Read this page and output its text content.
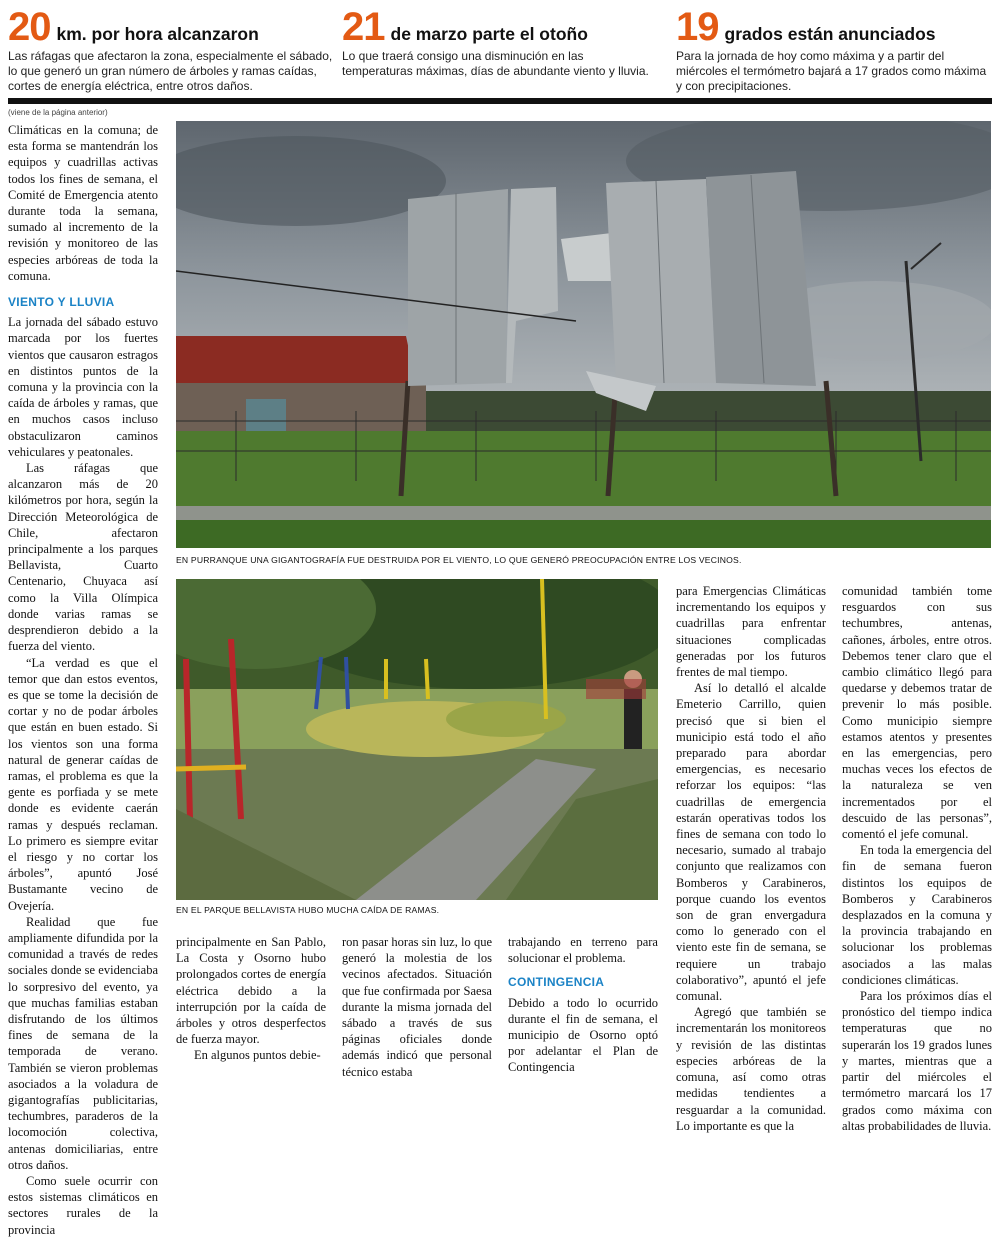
20 km. por hora alcanzaron
Las ráfagas que afectaron la zona, especialmente el sábado, lo que generó un gran número de árboles y ramas caídas, cortes de energía eléctrica, entre otros daños.
21 de marzo parte el otoño
Lo que traerá consigo una disminución en las temperaturas máximas, días de abundante viento y lluvia.
19 grados están anunciados
Para la jornada de hoy como máxima y a partir del miércoles el termómetro bajará a 17 grados como máxima y con precipitaciones.
(viene de la página anterior)

Climáticas en la comuna; de esta forma se mantendrán los equipos y cuadrillas activas todos los fines de semana, el Comité de Emergencia atento durante toda la semana, sumado al incremento de la revisión y monitoreo de las especies arbóreas de toda la comuna.

VIENTO Y LLUVIA

La jornada del sábado estuvo marcada por los fuertes vientos que causaron estragos en distintos puntos de la comuna y la provincia con la caída de árboles y ramas, que en muchos casos incluso obstaculizaron caminos vehiculares y peatonales.

Las ráfagas que alcanzaron más de 20 kilómetros por hora, según la Dirección Meteorológica de Chile, afectaron principalmente a los parques Bellavista, Cuarto Centenario, Chuyaca así como la Villa Olímpica donde varias ramas se desprendieron debido a la fuerza del viento.

“La verdad es que el temor que dan estos eventos, es que se tome la decisión de cortar y no de podar árboles que están en buen estado. Si los vientos son una forma natural de generar caídas de ramas, el problema es que la gente es porfiada y se mete donde es evidente caerán ramas y después reclaman. Lo primero es siempre evitar el riesgo y no cortar los árboles”, apuntó José Bustamante vecino de Ovejería.

Realidad que fue ampliamente difundida por la comunidad a través de redes sociales donde se evidenciaba lo sorpresivo del evento, ya que muchas familias estaban disfrutando de los últimos fines de semana de la temporada de verano. También se vieron problemas asociados a la voladura de gigantografías publicitarias, techumbres, paraderos de la locomoción colectiva, antenas domiciliarias, entre otros daños.

Como suele ocurrir con estos sistemas climáticos en sectores rurales de la provincia

EN PURRANQUE UNA GIGANTOGRAFÍA FUE DESTRUIDA POR EL VIENTO, LO QUE GENERÓ PREOCUPACIÓN ENTRE LOS VECINOS.
EN EL PARQUE BELLAVISTA HUBO MUCHA CAÍDA DE RAMAS.

principalmente en San Pablo, La Costa y Osorno hubo prolongados cortes de energía eléctrica debido a la interrupción por la caída de árboles y otros desperfectos de fuerza mayor.

En algunos puntos debie-

ron pasar horas sin luz, lo que generó la molestia de los vecinos afectados. Situación que fue confirmada por Saesa durante la misma jornada del sábado a través de sus páginas oficiales donde además indicó que personal técnico estaba

trabajando en terreno para solucionar el problema.

CONTINGENCIA

Debido a todo lo ocurrido durante el fin de semana, el municipio de Osorno optó por adelantar el Plan de Contingencia

para Emergencias Climáticas incrementando los equipos y cuadrillas para enfrentar situaciones complicadas generadas por los futuros frentes de mal tiempo.

Así lo detalló el alcalde Emeterio Carrillo, quien precisó que si bien el municipio está todo el año preparado para abordar emergencias, es necesario reforzar los equipos: “las cuadrillas de emergencia estarán operativas todos los fines de semana con todo lo necesario, sumado al trabajo conjunto que realizamos con Bomberos y Carabineros, porque cuando los eventos son de gran envergadura como lo generado con el viento este fin de semana, se requiere un trabajo colaborativo”, apuntó el jefe comunal.

Agregó que también se incrementarán los monitoreos y revisión de las distintas especies arbóreas de la comuna, así como otras medidas tendientes a resguardar a la comunidad. Lo importante es que la

comunidad también tome resguardos con sus techumbres, antenas, cañones, árboles, entre otros. Debemos tener claro que el cambio climático llegó para quedarse y debemos tratar de prevenir lo más posible. Como municipio siempre estamos atentos y presentes en las emergencias, pero muchas veces los efectos de la naturaleza se ven incrementados por el descuido de las personas”, comentó el jefe comunal.

En toda la emergencia del fin de semana fueron distintos los equipos de Bomberos y Carabineros desplazados en la comuna y la provincia trabajando en solucionar los problemas asociados a las malas condiciones climáticas.

Para los próximos días el pronóstico del tiempo indica temperaturas que no superarán los 19 grados lunes y martes, mientras que a partir del miércoles el termómetro marcará los 17 grados como máxima con altas probabilidades de lluvia.
